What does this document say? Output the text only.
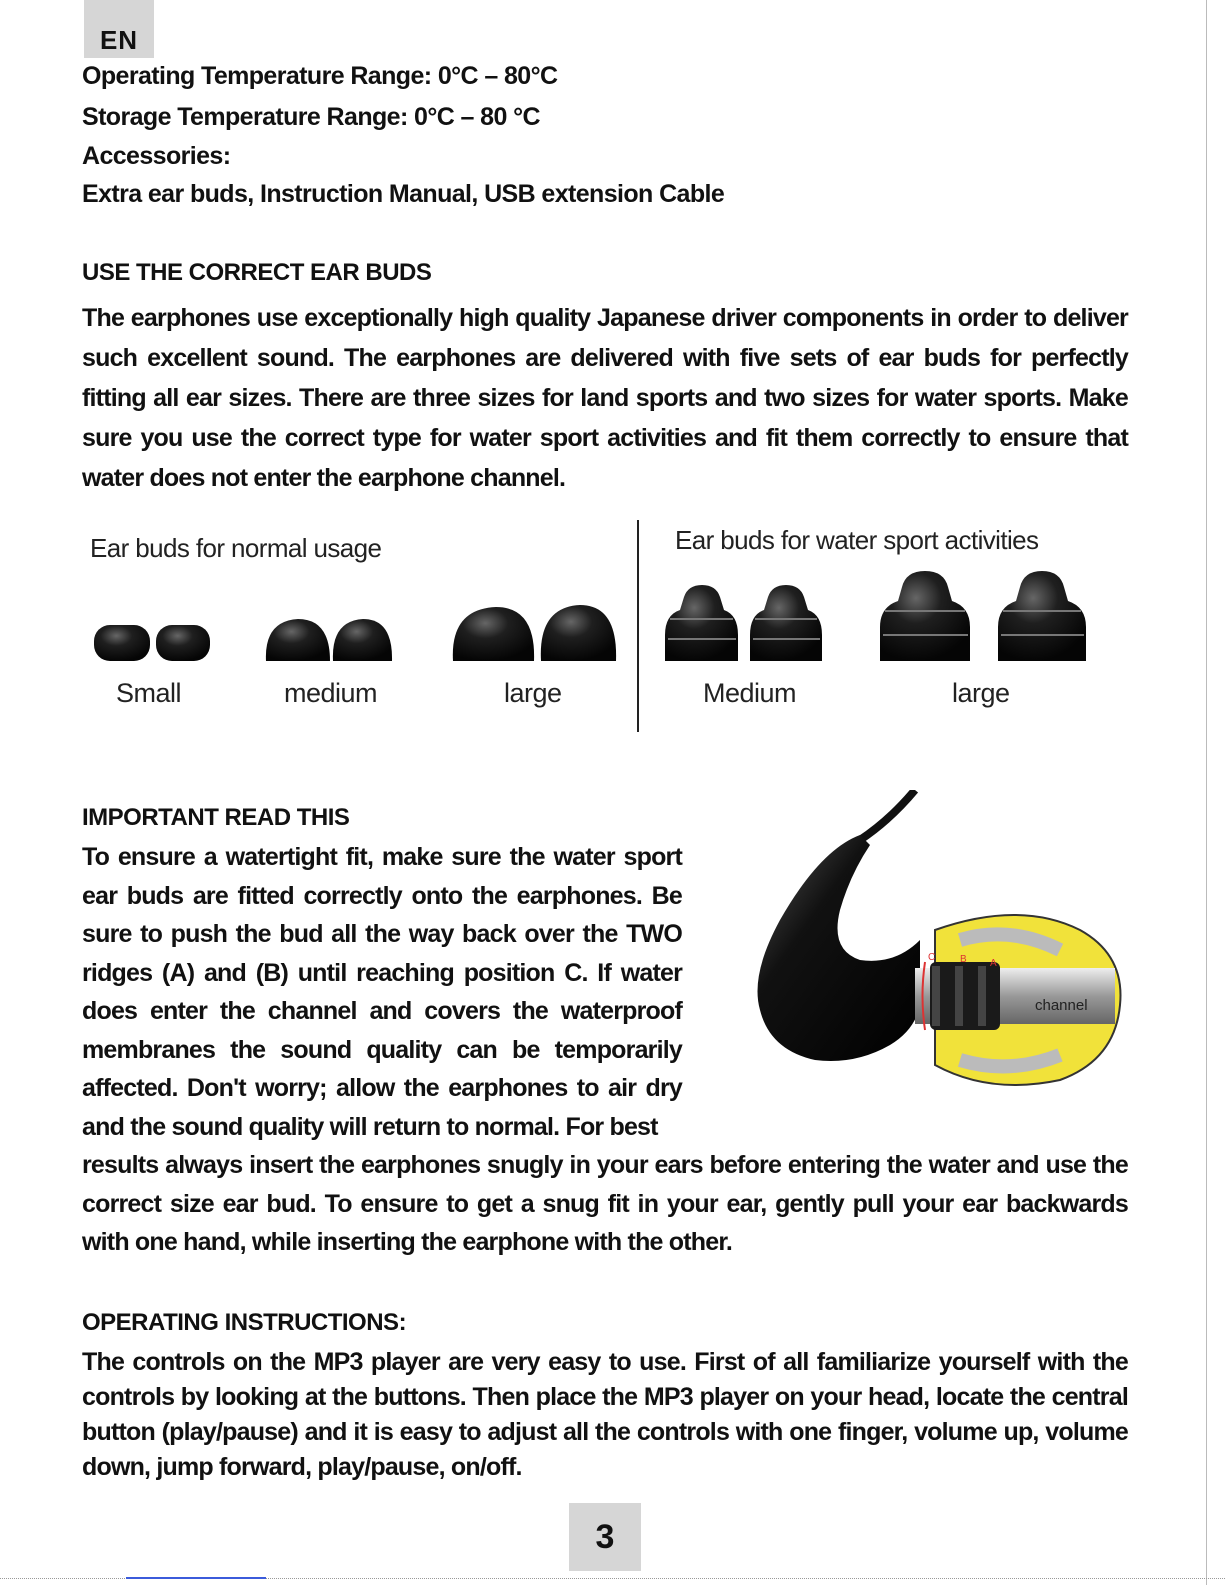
EN
Operating Temperature Range: 0°C – 80°C
Storage Temperature Range: 0°C – 80 °C
Accessories:
Extra ear buds, Instruction Manual, USB extension Cable
USE THE CORRECT EAR BUDS

The earphones use exceptionally high quality Japanese driver components in order to deliver such excellent sound. The earphones are delivered with five sets of ear buds for perfectly fitting all ear sizes. There are three sizes for land sports and two sizes for water sports. Make sure you use the correct type for water sport activities and fit them correctly to ensure that water does not enter the earphone channel.

Ear buds for normal usage	Ear buds for water sport activities
Small	medium	large	Medium	large
IMPORTANT READ THIS

To ensure a watertight fit, make sure the water sport ear buds are fitted correctly onto the earphones. Be sure to push the bud all the way back over the TWO ridges (A) and (B) until reaching position C. If water does enter the channel and covers the waterproof membranes the sound quality can be temporarily affected. Don't worry; allow the earphones to air dry and the sound quality will return to normal. For best

C B A
channel

results always insert the earphones snugly in your ears before entering the water and use the correct size ear bud. To ensure to get a snug fit in your ear, gently pull your ear backwards with one hand, while inserting the earphone with the other.

OPERATING INSTRUCTIONS:

The controls on the MP3 player are very easy to use. First of all familiarize yourself with the controls by looking at the buttons. Then place the MP3 player on your head, locate the central button (play/pause) and it is easy to adjust all the controls with one finger, volume up, volume down, jump forward, play/pause, on/off.

3
